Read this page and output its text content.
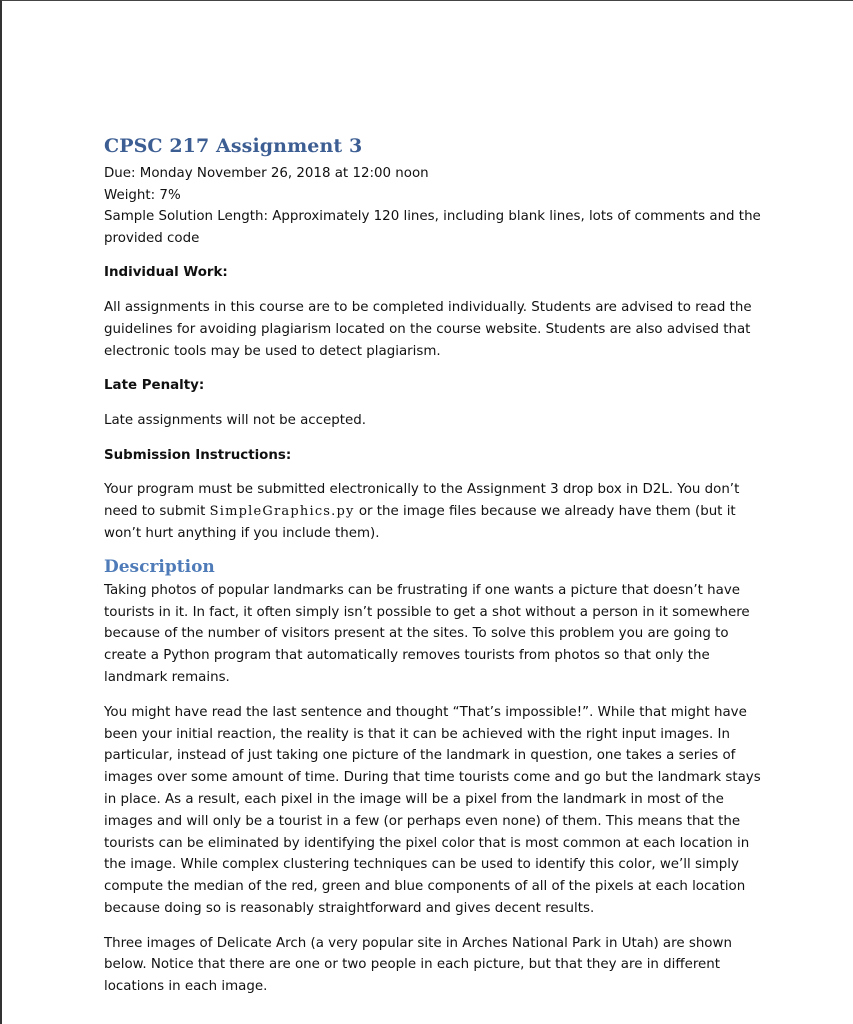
CPSC 217 Assignment 3

Due: Monday November 26, 2018 at 12:00 noon

Weight: 7%

Sample Solution Length: Approximately 120 lines, including blank lines, lots of comments and the provided code

Individual Work:

All assignments in this course are to be completed individually. Students are advised to read the guidelines for avoiding plagiarism located on the course website. Students are also advised that electronic tools may be used to detect plagiarism.

Late Penalty:

Late assignments will not be accepted.

Submission Instructions:

Your program must be submitted electronically to the Assignment 3 drop box in D2L. You don’t need to submit SimpleGraphics.py or the image files because we already have them (but it won’t hurt anything if you include them).

Description

Taking photos of popular landmarks can be frustrating if one wants a picture that doesn’t have tourists in it. In fact, it often simply isn’t possible to get a shot without a person in it somewhere because of the number of visitors present at the sites. To solve this problem you are going to create a Python program that automatically removes tourists from photos so that only the landmark remains.

You might have read the last sentence and thought “That’s impossible!”. While that might have been your initial reaction, the reality is that it can be achieved with the right input images. In particular, instead of just taking one picture of the landmark in question, one takes a series of images over some amount of time. During that time tourists come and go but the landmark stays in place. As a result, each pixel in the image will be a pixel from the landmark in most of the images and will only be a tourist in a few (or perhaps even none) of them. This means that the tourists can be eliminated by identifying the pixel color that is most common at each location in the image. While complex clustering techniques can be used to identify this color, we’ll simply compute the median of the red, green and blue components of all of the pixels at each location because doing so is reasonably straightforward and gives decent results.

Three images of Delicate Arch (a very popular site in Arches National Park in Utah) are shown below. Notice that there are one or two people in each picture, but that they are in different locations in each image.
